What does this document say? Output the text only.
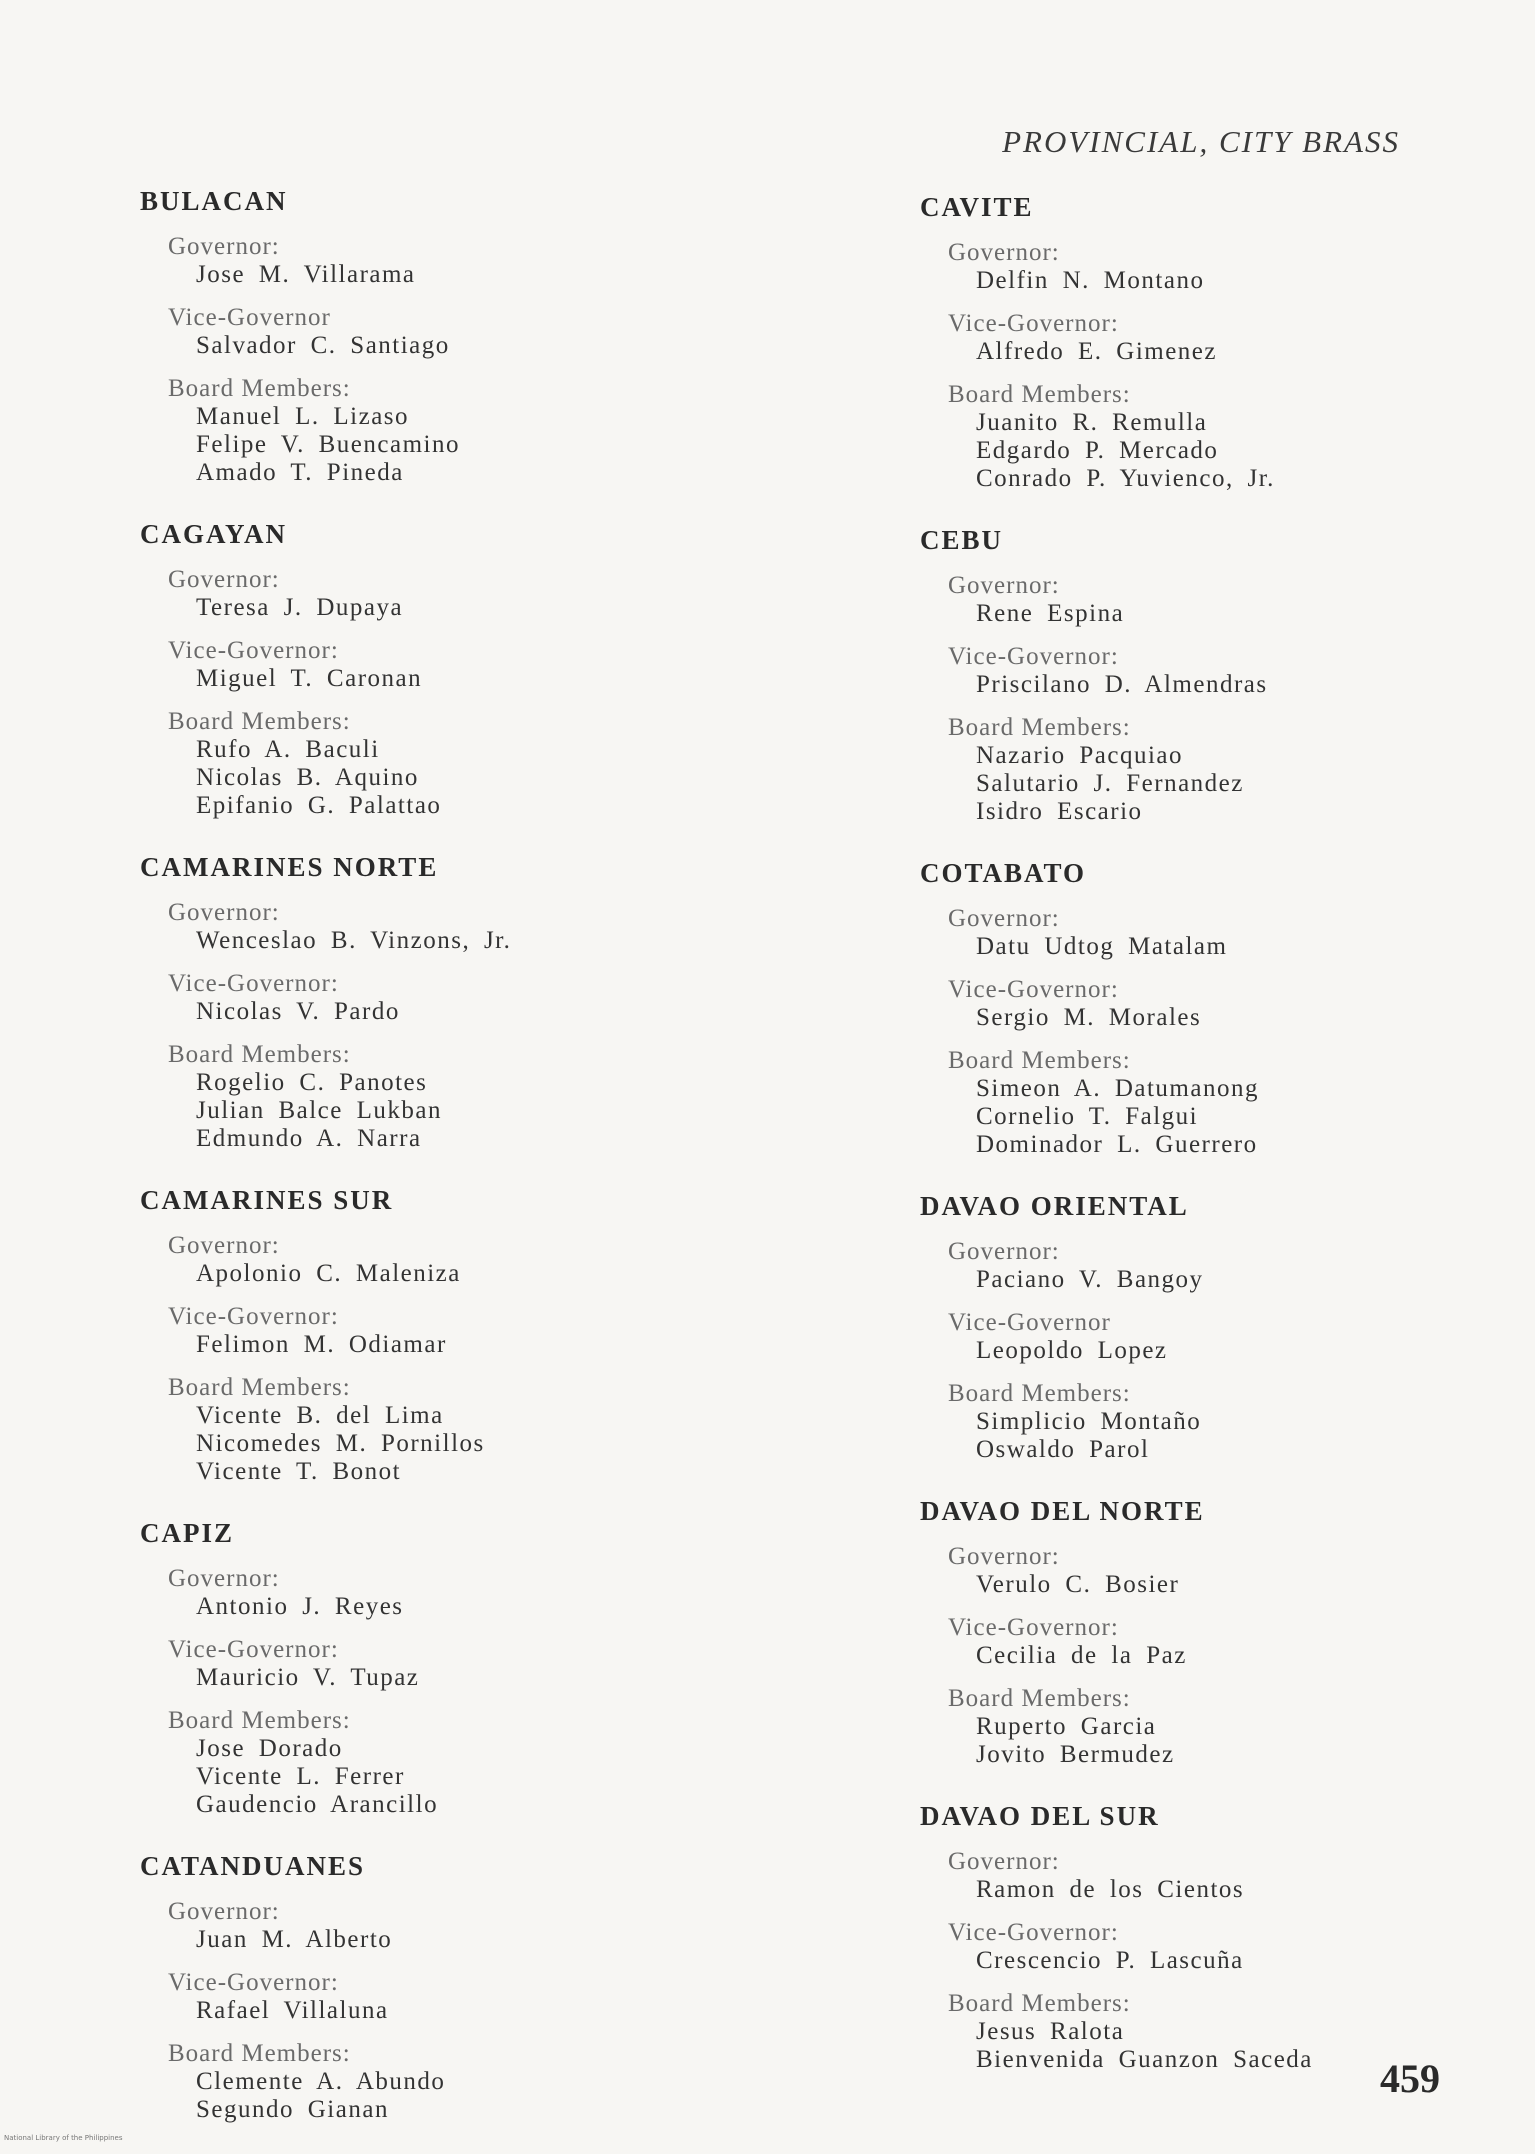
PROVINCIAL, CITY BRASS
BULACAN
Governor:
Jose M. Villarama
Vice-Governor
Salvador C. Santiago
Board Members:
Manuel L. Lizaso
Felipe V. Buencamino
Amado T. Pineda
CAGAYAN
Governor:
Teresa J. Dupaya
Vice-Governor:
Miguel T. Caronan
Board Members:
Rufo A. Baculi
Nicolas B. Aquino
Epifanio G. Palattao
CAMARINES NORTE
Governor:
Wenceslao B. Vinzons, Jr.
Vice-Governor:
Nicolas V. Pardo
Board Members:
Rogelio C. Panotes
Julian Balce Lukban
Edmundo A. Narra
CAMARINES SUR
Governor:
Apolonio C. Maleniza
Vice-Governor:
Felimon M. Odiamar
Board Members:
Vicente B. del Lima
Nicomedes M. Pornillos
Vicente T. Bonot
CAPIZ
Governor:
Antonio J. Reyes
Vice-Governor:
Mauricio V. Tupaz
Board Members:
Jose Dorado
Vicente L. Ferrer
Gaudencio Arancillo
CATANDUANES
Governor:
Juan M. Alberto
Vice-Governor:
Rafael Villaluna
Board Members:
Clemente A. Abundo
Segundo Gianan
CAVITE
Governor:
Delfin N. Montano
Vice-Governor:
Alfredo E. Gimenez
Board Members:
Juanito R. Remulla
Edgardo P. Mercado
Conrado P. Yuvienco, Jr.
CEBU
Governor:
Rene Espina
Vice-Governor:
Priscilano D. Almendras
Board Members:
Nazario Pacquiao
Salutario J. Fernandez
Isidro Escario
COTABATO
Governor:
Datu Udtog Matalam
Vice-Governor:
Sergio M. Morales
Board Members:
Simeon A. Datumanong
Cornelio T. Falgui
Dominador L. Guerrero
DAVAO ORIENTAL
Governor:
Paciano V. Bangoy
Vice-Governor
Leopoldo Lopez
Board Members:
Simplicio Montaño
Oswaldo Parol
DAVAO DEL NORTE
Governor:
Verulo C. Bosier
Vice-Governor:
Cecilia de la Paz
Board Members:
Ruperto Garcia
Jovito Bermudez
DAVAO DEL SUR
Governor:
Ramon de los Cientos
Vice-Governor:
Crescencio P. Lascuña
Board Members:
Jesus Ralota
Bienvenida Guanzon Saceda	459
National Library of the Philippines
